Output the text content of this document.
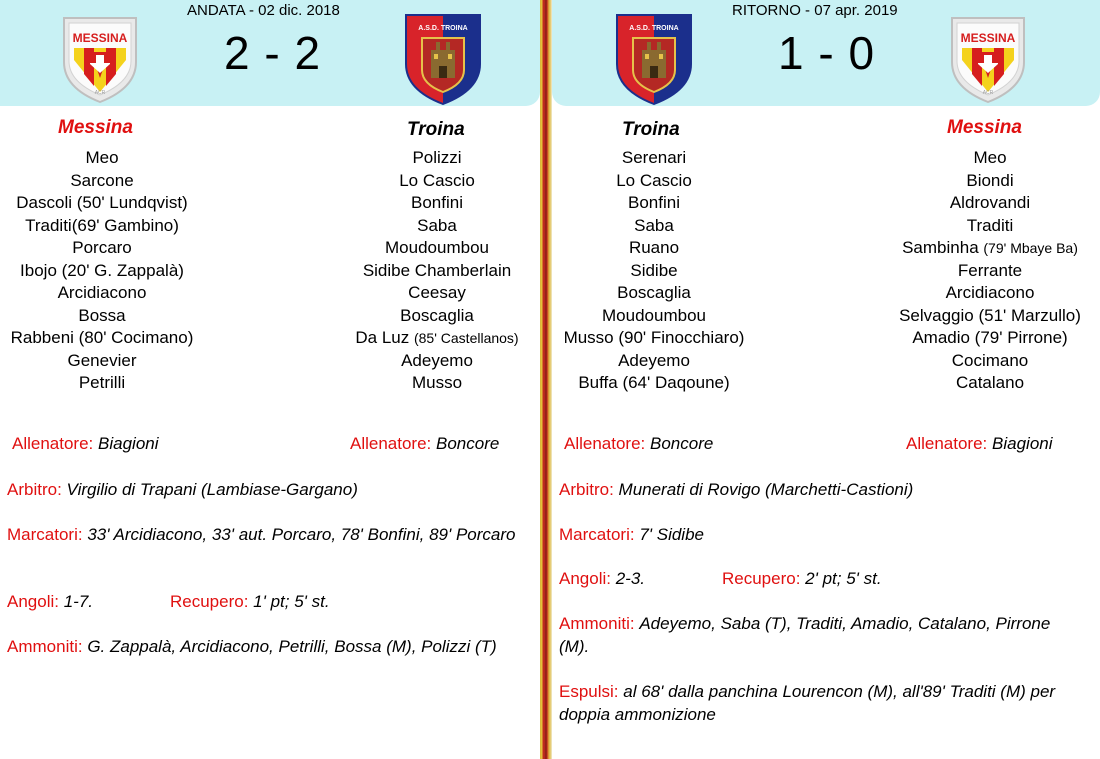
ANDATA - 02 dic. 2018
MESSINA
ACR
2 - 2	A.S.D. TROINA
Messina	Troina
Meo
Sarcone
Dascoli (50' Lundqvist)
Traditi(69' Gambino)
Porcaro
Ibojo (20' G. Zappalà)
Arcidiacono
Bossa
Rabbeni (80' Cocimano)
Genevier
Petrilli
Polizzi
Lo Cascio
Bonfini
Saba
Moudoumbou
Sidibe Chamberlain
Ceesay
Boscaglia
Da Luz (85' Castellanos)
Adeyemo
Musso
Allenatore: Biagioni	Allenatore: Boncore
Arbitro: Virgilio di Trapani (Lambiase-Gargano)
Marcatori: 33' Arcidiacono, 33' aut. Porcaro, 78' Bonfini, 89' Porcaro
Angoli: 1-7.	Recupero: 1' pt; 5' st.
Ammoniti: G. Zappalà, Arcidiacono, Petrilli, Bossa (M), Polizzi (T)
RITORNO - 07 apr. 2019
A.S.D. TROINA 1 - 0	MESSINA
ACR
Troina	Messina
Serenari
Lo Cascio
Bonfini
Saba
Ruano
Sidibe
Boscaglia
Moudoumbou
Musso (90' Finocchiaro)
Adeyemo
Buffa (64' Daqoune)
Meo
Biondi
Aldrovandi
Traditi
Sambinha (79' Mbaye Ba)
Ferrante
Arcidiacono
Selvaggio (51' Marzullo)
Amadio (79' Pirrone)
Cocimano
Catalano
Allenatore: Boncore	Allenatore: Biagioni
Arbitro: Munerati di Rovigo (Marchetti-Castioni)
Marcatori: 7' Sidibe
Angoli: 2-3.	Recupero: 2' pt; 5' st.
Ammoniti: Adeyemo, Saba (T), Traditi, Amadio, Catalano, Pirrone (M).
Espulsi: al 68' dalla panchina Lourencon (M), all'89' Traditi (M) per doppia ammonizione
